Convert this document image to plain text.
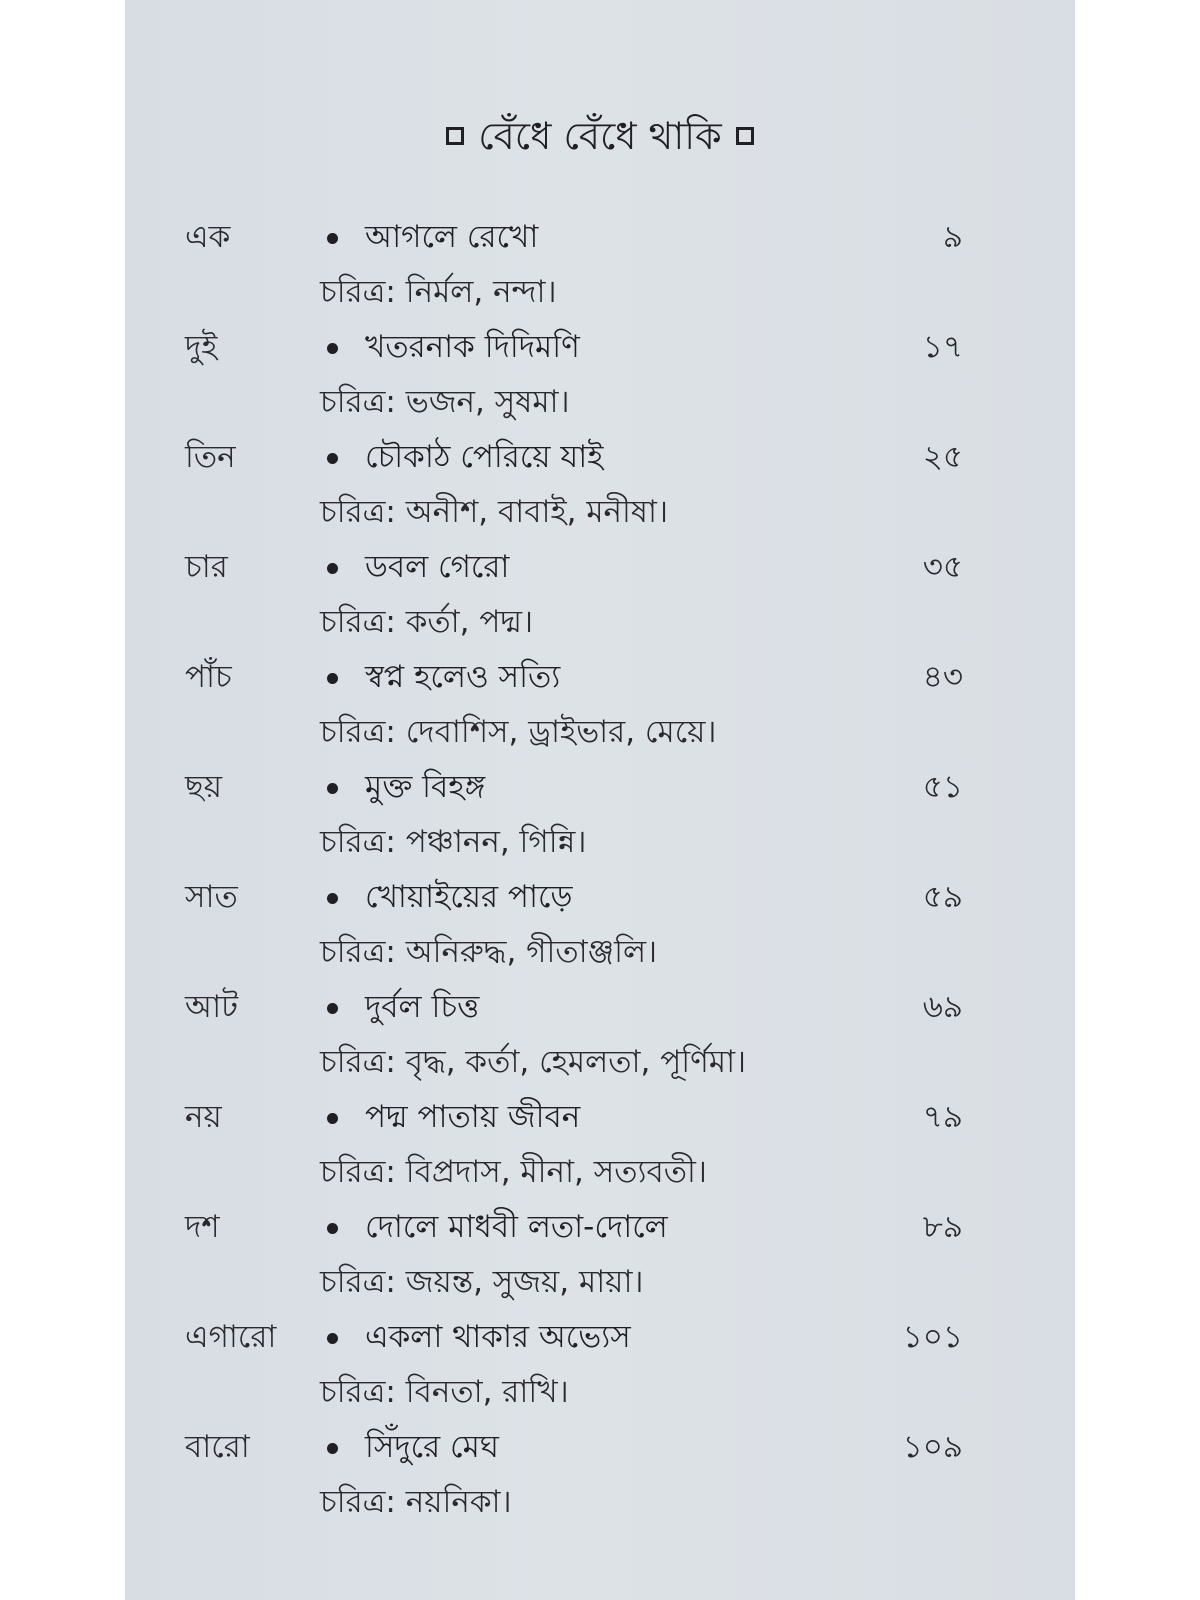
বেঁধে বেঁধে থাকি
এক	আগলে রেখো	৯
চরিত্র: নির্মল, নন্দা।
দুই	খতরনাক দিদিমণি	১৭
চরিত্র: ভজন, সুষমা।
তিন	চৌকাঠ পেরিয়ে যাই	২৫
চরিত্র: অনীশ, বাবাই, মনীষা।
চার	ডবল গেরো	৩৫
চরিত্র: কর্তা, পদ্ম।
পাঁচ	স্বপ্ন হলেও সত্যি	৪৩
চরিত্র: দেবাশিস, ড্রাইভার, মেয়ে।
ছয়	মুক্ত বিহঙ্গ	৫১
চরিত্র: পঞ্চানন, গিন্নি।
সাত	খোয়াইয়ের পাড়ে	৫৯
চরিত্র: অনিরুদ্ধ, গীতাঞ্জলি।
আট	দুর্বল চিত্ত	৬৯
চরিত্র: বৃদ্ধ, কর্তা, হেমলতা, পূর্ণিমা।
নয়	পদ্ম পাতায় জীবন	৭৯
চরিত্র: বিপ্রদাস, মীনা, সত্যবতী।
দশ	দোলে মাধবী লতা-দোলে	৮৯
চরিত্র: জয়ন্ত, সুজয়, মায়া।
এগারো	একলা থাকার অভ্যেস	১০১
চরিত্র: বিনতা, রাখি।
বারো	সিঁদুরে মেঘ	১০৯
চরিত্র: নয়নিকা।
